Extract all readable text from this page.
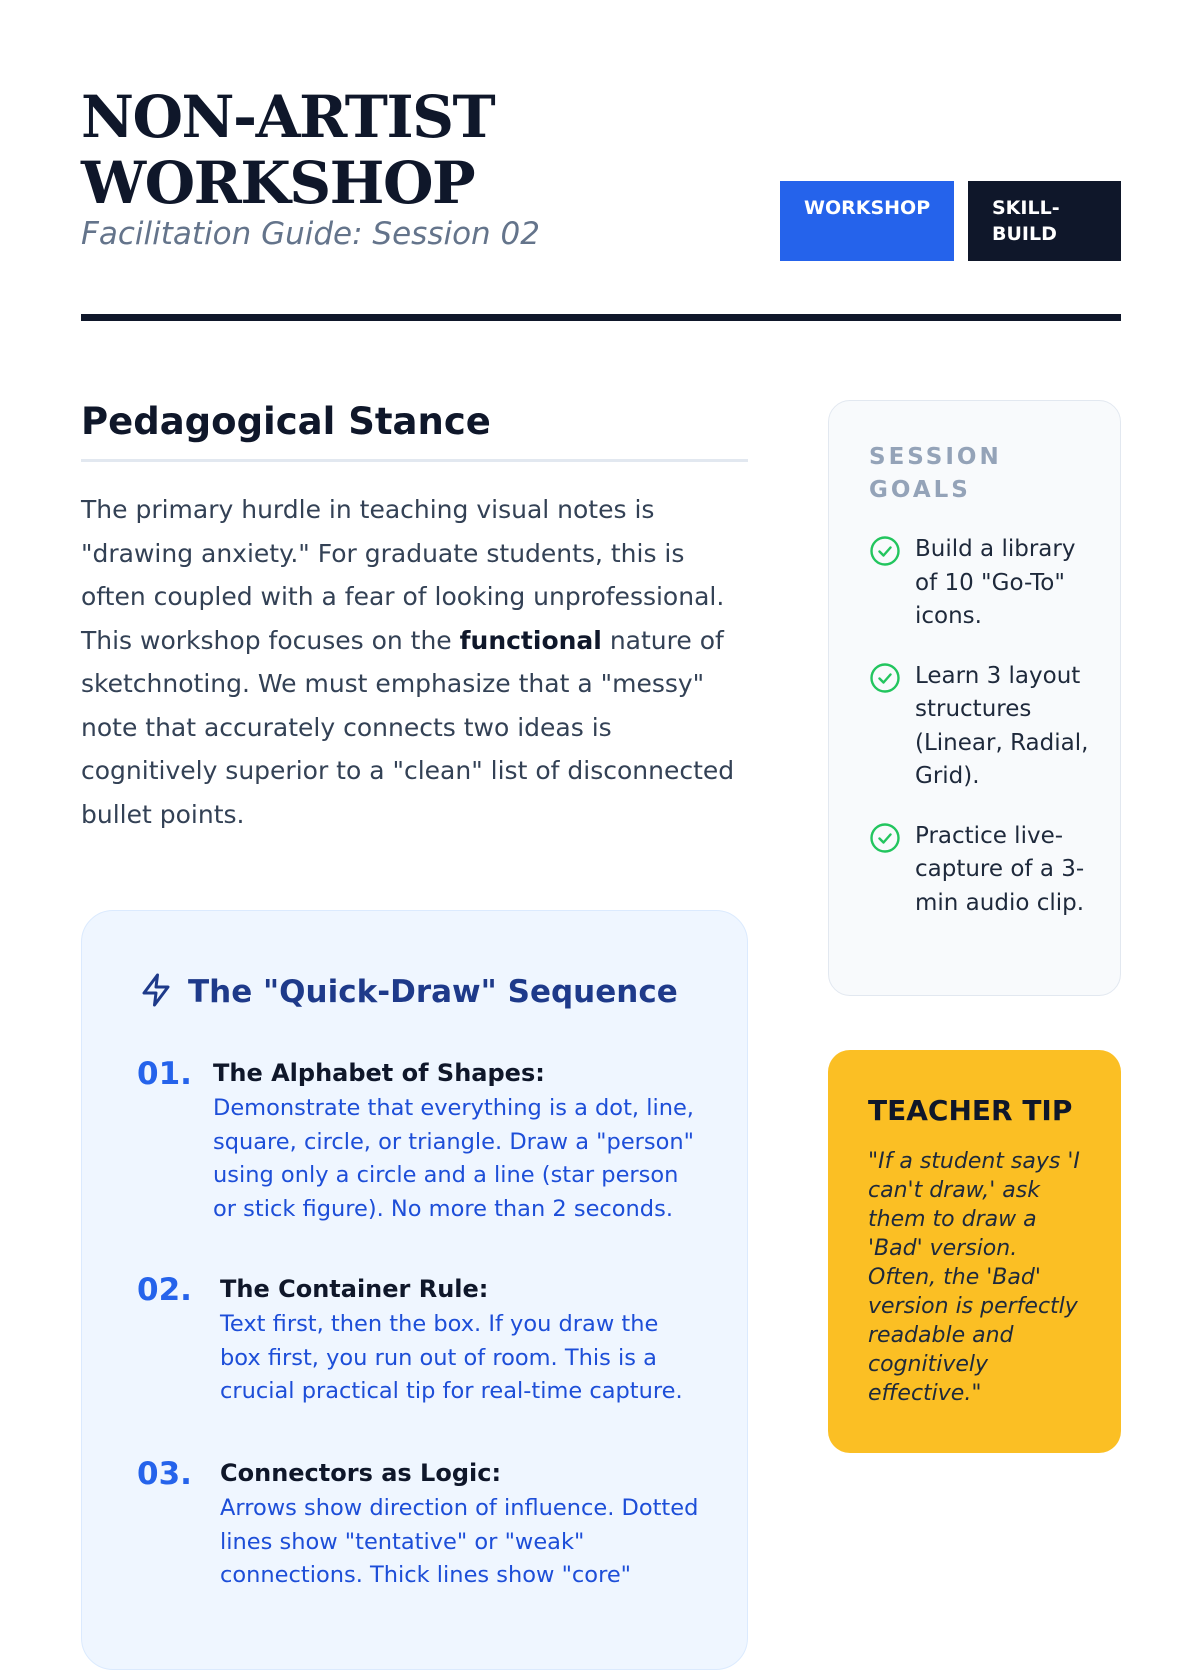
NON-ARTIST
WORKSHOP
Facilitation Guide: Session 02
WORKSHOP	SKILL-
BUILD
Pedagogical Stance

The primary hurdle in teaching visual notes is "drawing anxiety." For graduate students, this is often coupled with a fear of looking unprofessional. This workshop focuses on the functional nature of sketchnoting. We must emphasize that a "messy" note that accurately connects two ideas is cognitively superior to a "clean" list of disconnected bullet points.

The "Quick-Draw" Sequence
01. The Alphabet of Shapes:
Demonstrate that everything is a dot, line, square, circle, or triangle. Draw a "person" using only a circle and a line (star person or stick figure). No more than 2 seconds.
02. The Container Rule:
Text first, then the box. If you draw the box first, you run out of room. This is a crucial practical tip for real-time capture.
03. Connectors as Logic:
Arrows show direction of influence. Dotted lines show "tentative" or "weak" connections. Thick lines show "core"
SESSION GOALS
Build a library of 10 "Go-To" icons.
Learn 3 layout structures (Linear, Radial, Grid).
Practice live-capture of a 3-min audio clip.
TEACHER TIP
"If a student says 'I can't draw,' ask them to draw a 'Bad' version. Often, the 'Bad' version is perfectly readable and cognitively effective."
